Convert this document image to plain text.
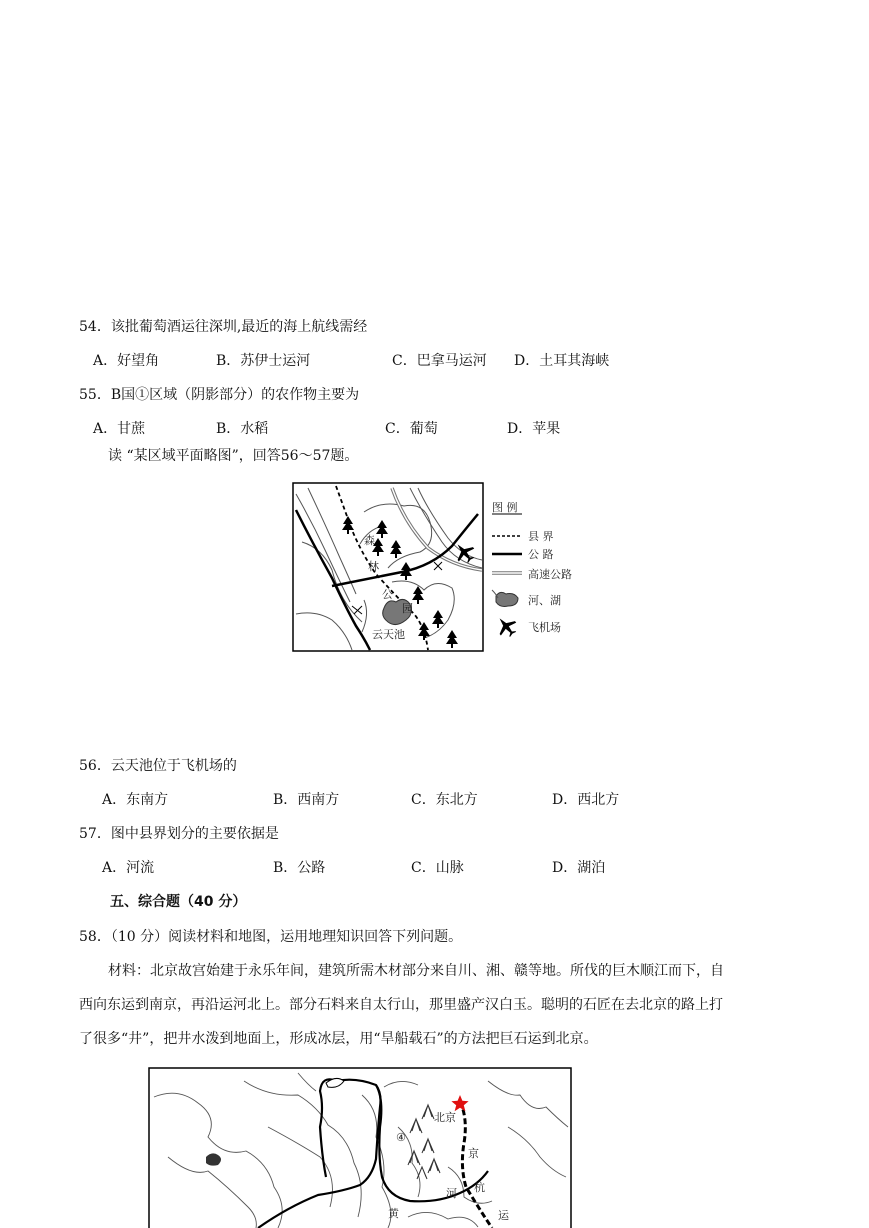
54．该批葡萄酒运往深圳,最近的海上航线需经
A．好望角	B．苏伊士运河	C．巴拿马运河 D．土耳其海峡
55．B国①区域（阴影部分）的农作物主要为
A．甘蔗	B．水稻	C．葡萄	D．苹果
读 “某区域平面略图”，回答56～57题。
森
林
公
园
云天池
图 例
县 界
公 路
高速公路
河、湖
飞机场
56．云天池位于飞机场的
A．东南方	B．西南方	C．东北方	D．西北方
57．图中县界划分的主要依据是
A．河流	B．公路	C．山脉	D．湖泊
五、综合题（40 分）
58．（10 分）阅读材料和地图，运用地理知识回答下列问题。
材料：北京故宫始建于永乐年间，建筑所需木材部分来自川、湘、赣等地。所伐的巨木顺江而下，自
西向东运到南京，再沿运河北上。部分石料来自太行山，那里盛产汉白玉。聪明的石匠在去北京的路上打
了很多“井”，把井水泼到地面上，形成冰层，用“旱船载石”的方法把巨石运到北京。
北京
④
京
杭
运
河
黄
